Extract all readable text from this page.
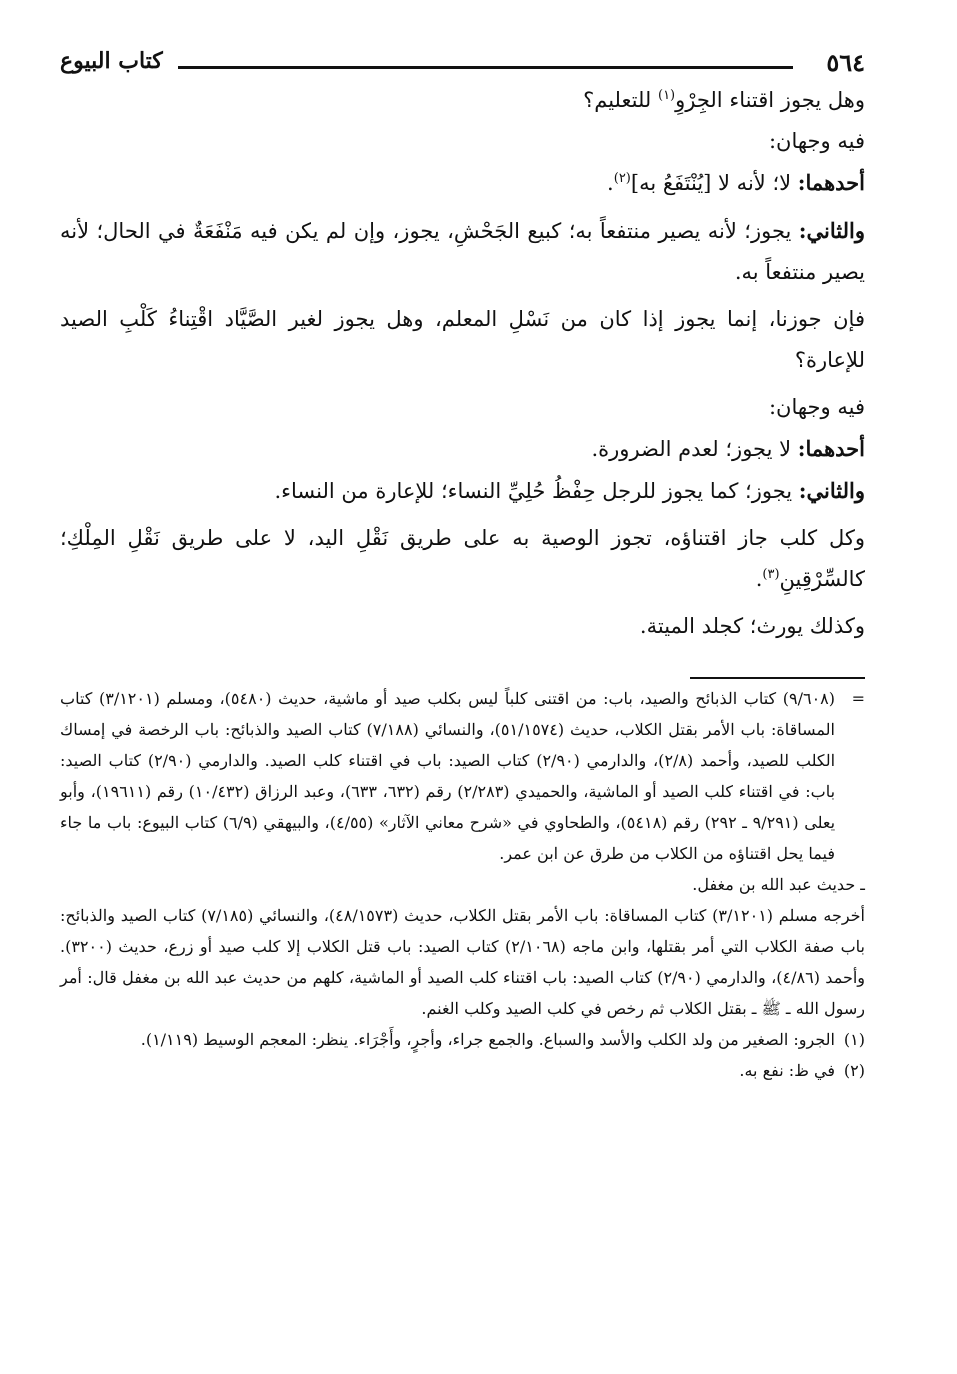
٥٦٤
كتاب البيوع

وهل يجوز اقتناء الجِرْوِ$^{(١)}$ للتعليم؟

فيه وجهان:

أحدهما: لا؛ لأنه لا [يُنْتَفَعُ به]$^{(٢)}$.

والثاني: يجوز؛ لأنه يصير منتفعاً به؛ كبيع الجَحْشِ، يجوز، وإن لم يكن فيه مَنْفَعَةٌ في الحال؛ لأنه يصير منتفعاً به.

فإن جوزنا، إنما يجوز إذا كان من نَسْلِ المعلم، وهل يجوز لغير الصَّيَّاد اقْتِناءُ كَلْبِ الصيد للإعارة؟

فيه وجهان:

أحدهما: لا يجوز؛ لعدم الضرورة.

والثاني: يجوز؛ كما يجوز للرجل حِفْظُ حُلِيِّ النساء؛ للإعارة من النساء.

وكل كلب جاز اقتناؤه، تجوز الوصية به على طريق نَقْلِ اليد، لا على طريق نَقْلِ المِلْكِ؛ كالسِّرْقِينِ$^{(٣)}$.

وكذلك يورث؛ كجلد الميتة.

=
(٩/٦٠٨) كتاب الذبائح والصيد، باب: من اقتنى كلباً ليس بكلب صيد أو ماشية، حديث (٥٤٨٠)، ومسلم (٣/١٢٠١) كتاب المساقاة: باب الأمر بقتل الكلاب، حديث (٥١/١٥٧٤)، والنسائي (٧/١٨٨) كتاب الصيد والذبائح: باب الرخصة في إمساك الكلب للصيد، وأحمد (٢/٨)، والدارمي (٢/٩٠) كتاب الصيد: باب في اقتناء كلب الصيد. والدارمي (٢/٩٠) كتاب الصيد: باب: في اقتناء كلب الصيد أو الماشية، والحميدي (٢/٢٨٣) رقم (٦٣٢، ٦٣٣)، وعبد الرزاق (١٠/٤٣٢) رقم (١٩٦١١)، وأبو يعلى (٩/٢٩١ ـ ٢٩٢) رقم (٥٤١٨)، والطحاوي في «شرح معاني الآثار» (٤/٥٥)، والبيهقي (٦/٩) كتاب البيوع: باب ما جاء فيما يحل اقتناؤه من الكلاب من طرق عن ابن عمر.

ـ حديث عبد الله بن مغفل.

أخرجه مسلم (٣/١٢٠١) كتاب المساقاة: باب الأمر بقتل الكلاب، حديث (٤٨/١٥٧٣)، والنسائي (٧/١٨٥) كتاب الصيد والذبائح: باب صفة الكلاب التي أمر بقتلها، وابن ماجه (٢/١٠٦٨) كتاب الصيد: باب قتل الكلاب إلا كلب صيد أو زرع، حديث (٣٢٠٠). وأحمد (٤/٨٦)، والدارمي (٢/٩٠) كتاب الصيد: باب اقتناء كلب الصيد أو الماشية، كلهم من حديث عبد الله بن مغفل قال: أمر رسول الله ـ ﷺ ـ بقتل الكلاب ثم رخص في كلب الصيد وكلب الغنم.

(١)
الجرو: الصغير من ولد الكلب والأسد والسباع. والجمع جراء، وأجرٍ، وأَجْرَاء. ينظر: المعجم الوسيط (١/١١٩).
(٢)
في ظ: نفع به.
